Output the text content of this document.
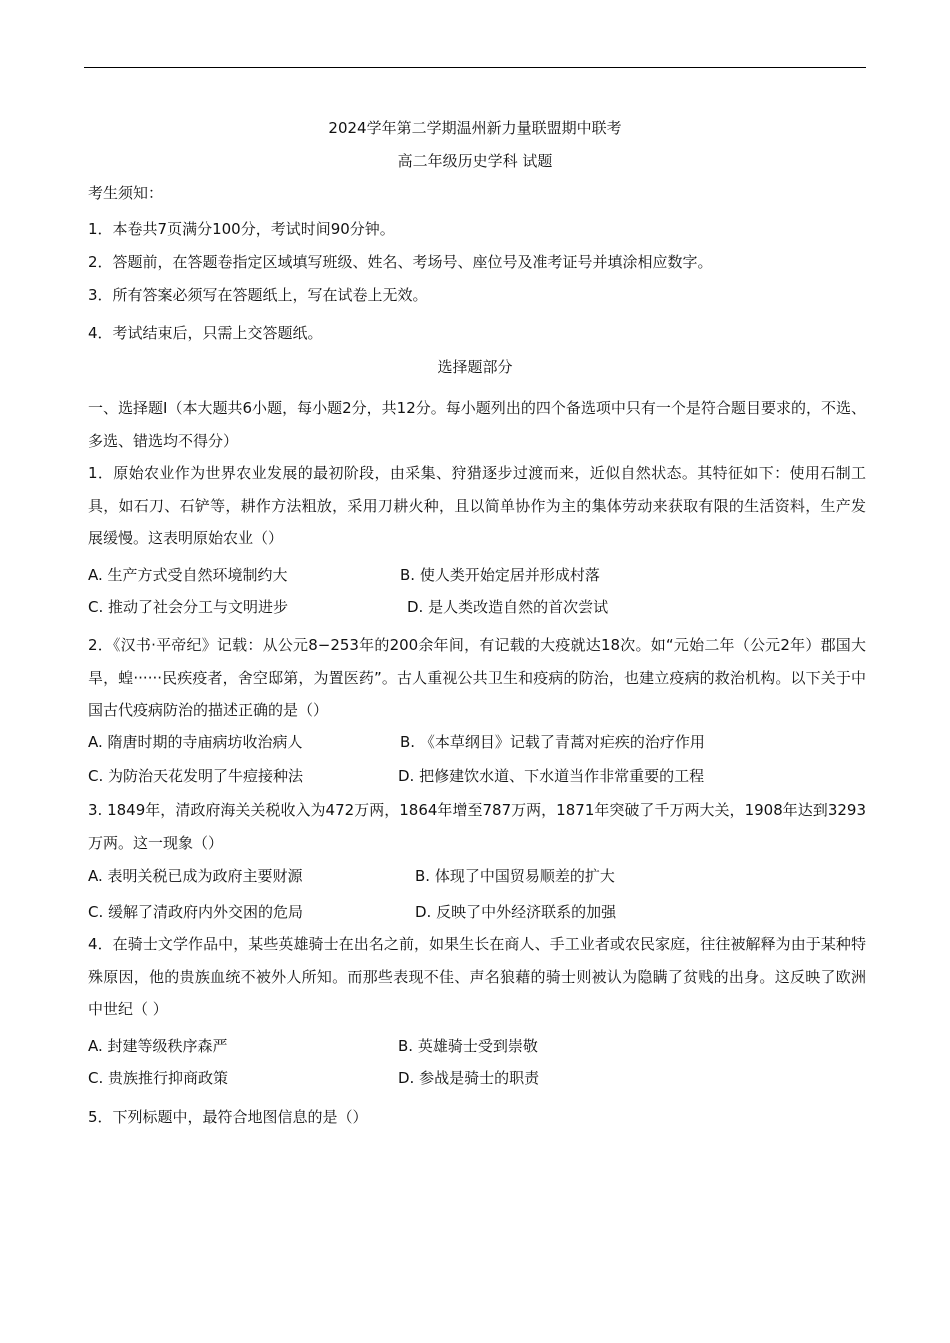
2024学年第二学期温州新力量联盟期中联考
高二年级历史学科 试题
考生须知：
1．本卷共7页满分100分，考试时间90分钟。
2．答题前，在答题卷指定区域填写班级、姓名、考场号、座位号及准考证号并填涂相应数字。
3．所有答案必须写在答题纸上，写在试卷上无效。
4．考试结束后，只需上交答题纸。
选择题部分
一、选择题Ⅰ（本大题共6小题，每小题2分，共12分。每小题列出的四个备选项中只有一个是符合题目要求的，不选、多选、错选均不得分）
1．原始农业作为世界农业发展的最初阶段，由采集、狩猎逐步过渡而来，近似自然状态。其特征如下：使用石制工具，如石刀、石铲等，耕作方法粗放，采用刀耕火种，且以简单协作为主的集体劳动来获取有限的生活资料，生产发展缓慢。这表明原始农业（）
A. 生产方式受自然环境制约大	B. 使人类开始定居并形成村落
C. 推动了社会分工与文明进步	D. 是人类改造自然的首次尝试
2．《汉书·平帝纪》记载：从公元8−253年的200余年间，有记载的大疫就达18次。如“元始二年（公元2年）郡国大旱，蝗······民疾疫者，舍空邸第，为置医药”。古人重视公共卫生和疫病的防治，也建立疫病的救治机构。以下关于中国古代疫病防治的描述正确的是（）
A. 隋唐时期的寺庙病坊收治病人	B. 《本草纲目》记载了青蒿对疟疾的治疗作用
C. 为防治天花发明了牛痘接种法	D. 把修建饮水道、下水道当作非常重要的工程
3. 1849年，清政府海关关税收入为472万两，1864年增至787万两，1871年突破了千万两大关，1908年达到3293万两。这一现象（）
A. 表明关税已成为政府主要财源	B. 体现了中国贸易顺差的扩大
C. 缓解了清政府内外交困的危局	D. 反映了中外经济联系的加强
4．在骑士文学作品中，某些英雄骑士在出名之前，如果生长在商人、手工业者或农民家庭，往往被解释为由于某种特殊原因，他的贵族血统不被外人所知。而那些表现不佳、声名狼藉的骑士则被认为隐瞒了贫贱的出身。这反映了欧洲中世纪（ ）
A. 封建等级秩序森严	B. 英雄骑士受到崇敬
C. 贵族推行抑商政策	D. 参战是骑士的职责
5．下列标题中，最符合地图信息的是（）
